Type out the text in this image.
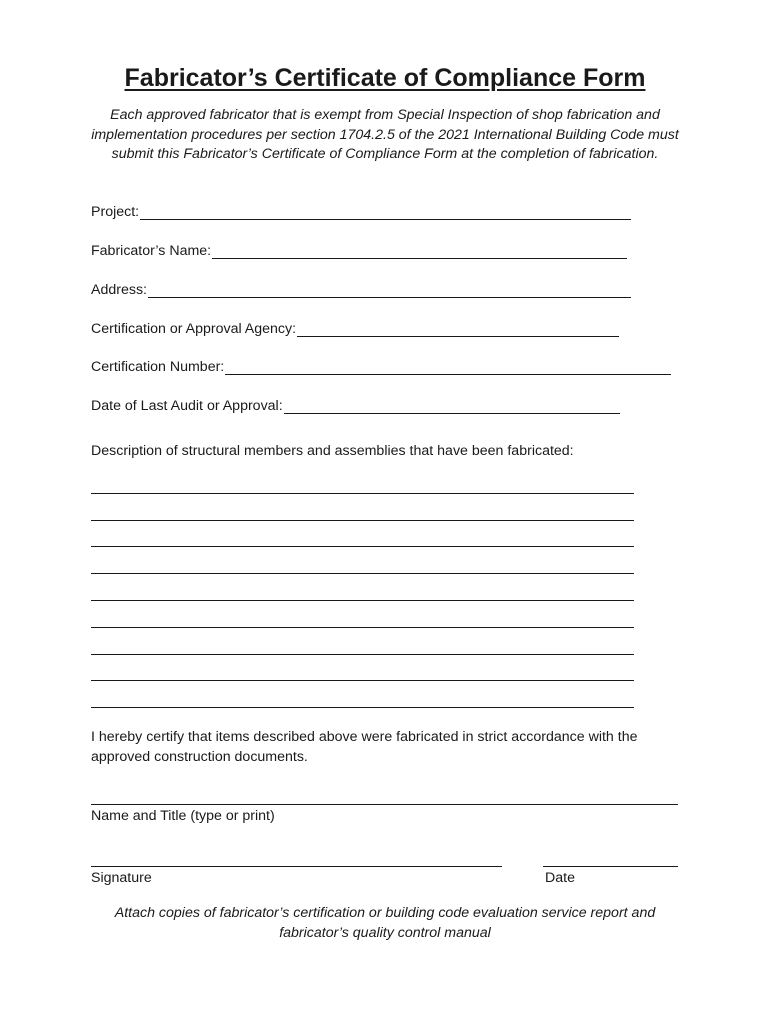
Fabricator’s Certificate of Compliance Form
Each approved fabricator that is exempt from Special Inspection of shop fabrication and implementation procedures per section 1704.2.5 of the 2021 International Building Code must submit this Fabricator’s Certificate of Compliance Form at the completion of fabrication.
Project:
Fabricator’s Name:
Address:
Certification or Approval Agency:
Certification Number:
Date of Last Audit or Approval:
Description of structural members and assemblies that have been fabricated:
I hereby certify that items described above were fabricated in strict accordance with the approved construction documents.
Name and Title (type or print)
Signature	Date
Attach copies of fabricator’s certification or building code evaluation service report and fabricator’s quality control manual
